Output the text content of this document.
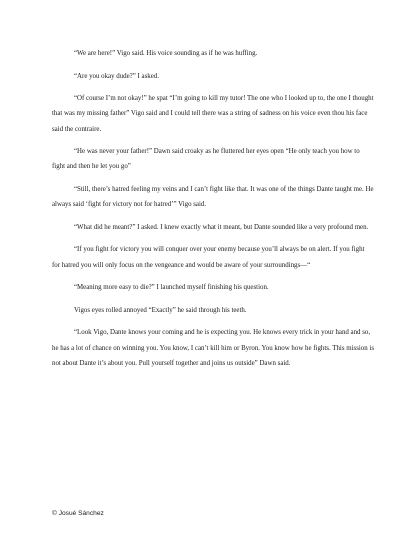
“We are here!” Vigo said. His voice sounding as if he was huffing.

“Are you okay dude?” I asked.

“Of course I’m not okay!” he spat “I’m going to kill my tutor! The one who I looked up to, the one I thought that was my missing father” Vigo said and I could tell there was a string of sadness on his voice even thou his face said the contraire.

“He was never your father!” Dawn said croaky as he fluttered her eyes open “He only teach you how to fight and then he let you go”

“Still, there’s hatred feeling my veins and I can’t fight like that. It was one of the things Dante taught me. He always said ‘fight for victory not for hatred’” Vigo said.

“What did he meant?” I asked. I knew exactly what it meant, but Dante sounded like a very profound men.

“If you fight for victory you will conquer over your enemy because you’ll always be on alert. If you fight for hatred you will only focus on the vengeance and would be aware of your surroundings—“

“Meaning more easy to die?” I launched myself finishing his question.

Vigos eyes rolled annoyed “Exactly” he said through his teeth.

“Look Vigo, Dante knows your coming and he is expecting you. He knows every trick in your hand and so, he has a lot of chance on winning you. You know, I can’t kill him or Byron. You know how he fights. This mission is not about Dante it’s about you. Pull yourself together and joins us outside” Dawn said.

© Josué Sánchez
